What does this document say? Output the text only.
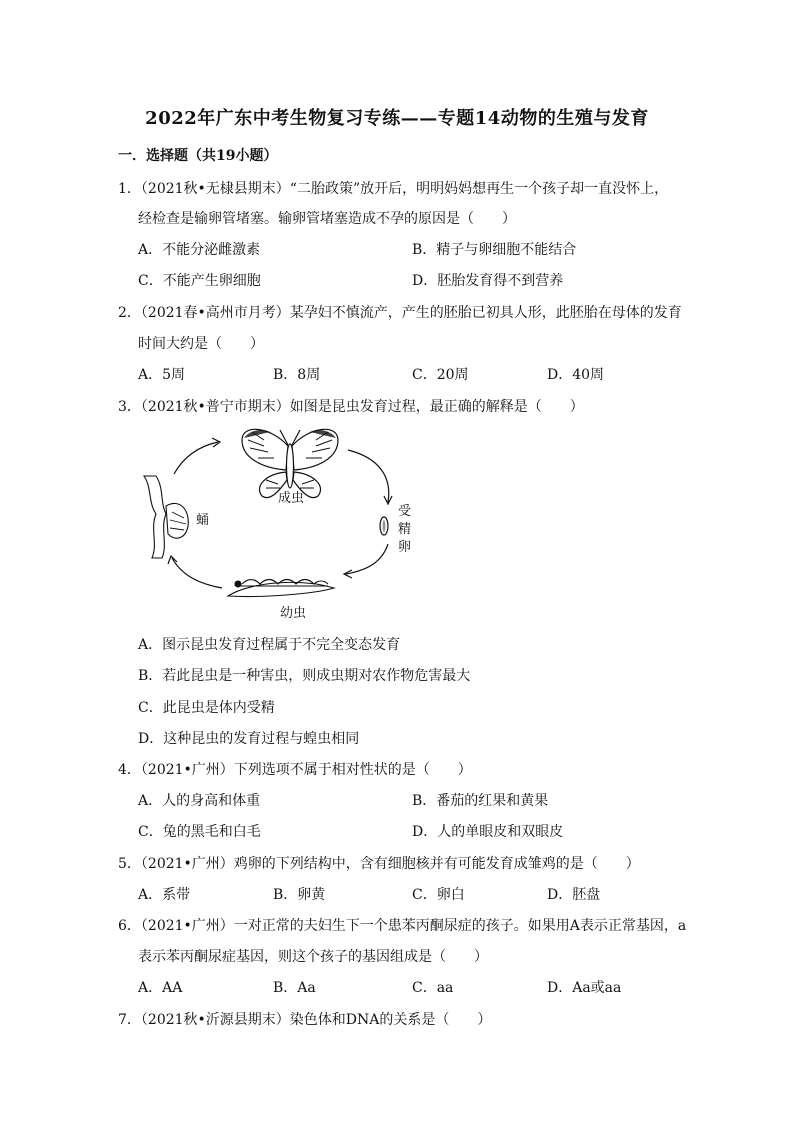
2022年广东中考生物复习专练——专题14动物的生殖与发育
一．选择题（共19小题）
1．（2021秋•无棣县期末）“二胎政策”放开后，明明妈妈想再生一个孩子却一直没怀上，
经检查是输卵管堵塞。输卵管堵塞造成不孕的原因是（　　）
A．不能分泌雌激素	B．精子与卵细胞不能结合
C．不能产生卵细胞	D．胚胎发育得不到营养
2．（2021春•高州市月考）某孕妇不慎流产，产生的胚胎已初具人形，此胚胎在母体的发育
时间大约是（　　）
A．5周	B．8周	C．20周	D．40周
3．（2021秋•普宁市期末）如图是昆虫发育过程，最正确的解释是（　　）
成虫
受
精
卵
幼虫
蛹
A．图示昆虫发育过程属于不完全变态发育
B．若此昆虫是一种害虫，则成虫期对农作物危害最大
C．此昆虫是体内受精
D．这种昆虫的发育过程与蝗虫相同
4．（2021•广州）下列选项不属于相对性状的是（　　）
A．人的身高和体重	B．番茄的红果和黄果
C．兔的黑毛和白毛	D．人的单眼皮和双眼皮
5．（2021•广州）鸡卵的下列结构中，含有细胞核并有可能发育成雏鸡的是（　　）
A．系带	B．卵黄	C．卵白	D．胚盘
6．（2021•广州）一对正常的夫妇生下一个患苯丙酮尿症的孩子。如果用A表示正常基因，a
表示苯丙酮尿症基因，则这个孩子的基因组成是（　　）
A．AA	B．Aa	C．aa	D．Aa或aa
7．（2021秋•沂源县期末）染色体和DNA的关系是（　　）
